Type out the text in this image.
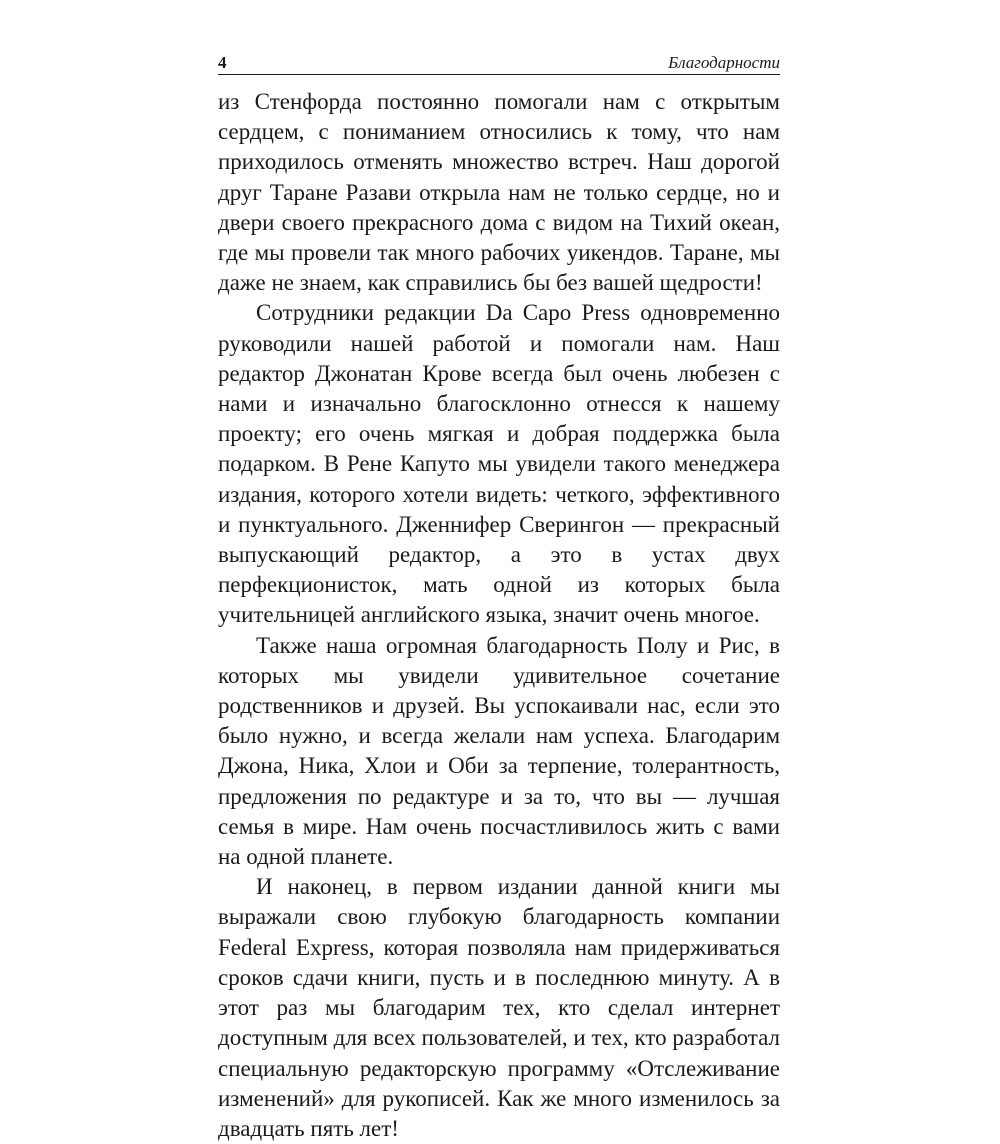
4	Благодарности

из Стенфорда постоянно помогали нам с открытым сердцем, с пониманием относились к тому, что нам приходилось отменять множество встреч. Наш дорогой друг Таране Разави открыла нам не только сердце, но и двери своего прекрасного дома с видом на Тихий океан, где мы провели так много рабочих уикендов. Таране, мы даже не знаем, как справились бы без вашей щедрости!

Сотрудники редакции Da Capo Press одновременно руководили нашей работой и помогали нам. Наш редактор Джонатан Крове всегда был очень любезен с нами и изначально благосклонно отнесся к нашему проекту; его очень мягкая и добрая поддержка была подарком. В Рене Капуто мы увидели такого менеджера издания, которого хотели видеть: четкого, эффективного и пунктуального. Дженнифер Сверингон — прекрасный выпускающий редактор, а это в устах двух перфекционисток, мать одной из которых была учительницей английского языка, значит очень многое.

Также наша огромная благодарность Полу и Рис, в которых мы увидели удивительное сочетание родственников и друзей. Вы успокаивали нас, если это было нужно, и всегда желали нам успеха. Благодарим Джона, Ника, Хлои и Оби за терпение, толерантность, предложения по редактуре и за то, что вы — лучшая семья в мире. Нам очень посчастливилось жить с вами на одной планете.

И наконец, в первом издании данной книги мы выражали свою глубокую благодарность компании Federal Express, которая позволяла нам придерживаться сроков сдачи книги, пусть и в последнюю минуту. А в этот раз мы благодарим тех, кто сделал интернет доступным для всех пользователей, и тех, кто разработал специальную редакторскую программу «Отслеживание изменений» для рукописей. Как же много изменилось за двадцать пять лет!
